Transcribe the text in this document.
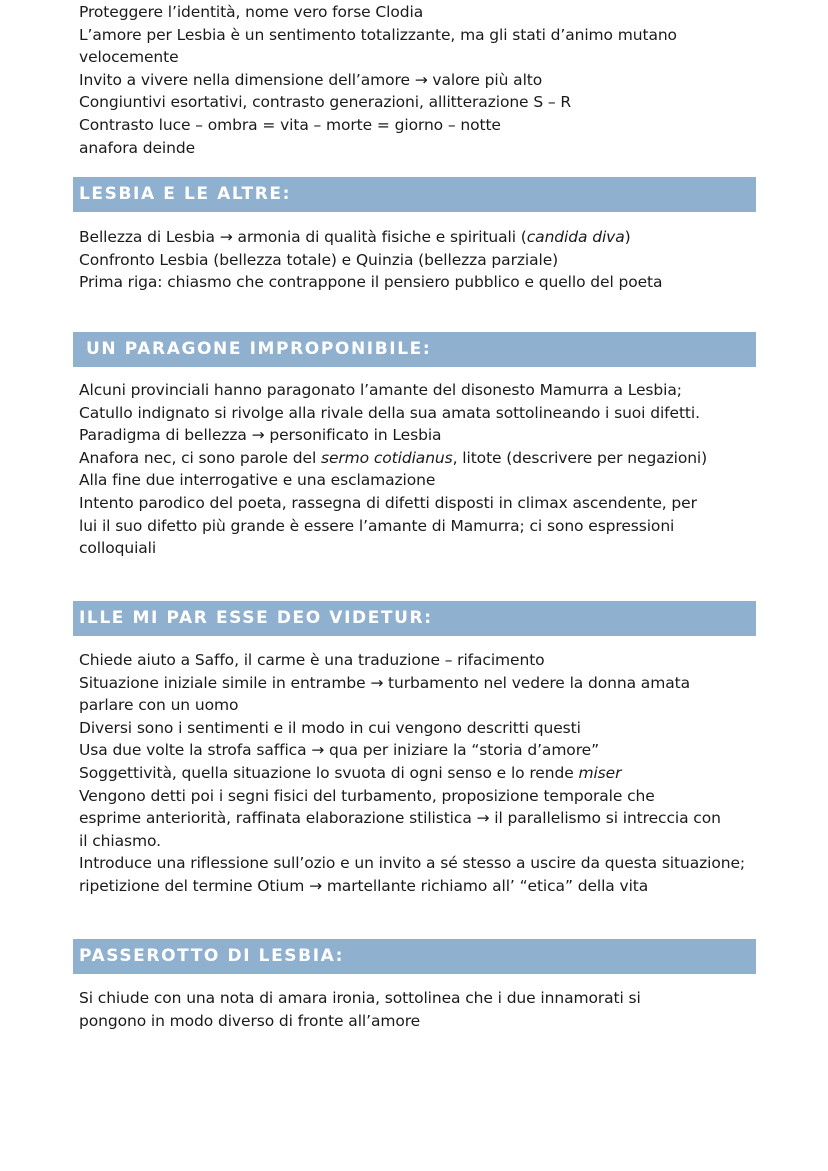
Proteggere l’identità, nome vero forse Clodia
L’amore per Lesbia è un sentimento totalizzante, ma gli stati d’animo mutano
velocemente
Invito a vivere nella dimensione dell’amore → valore più alto
Congiuntivi esortativi, contrasto generazioni, allitterazione S – R
Contrasto luce – ombra = vita – morte = giorno – notte
anafora deinde
LESBIA E LE ALTRE:
Bellezza di Lesbia → armonia di qualità fisiche e spirituali (candida diva)
Confronto Lesbia (bellezza totale) e Quinzia (bellezza parziale)
Prima riga: chiasmo che contrappone il pensiero pubblico e quello del poeta
UN PARAGONE IMPROPONIBILE:
Alcuni provinciali hanno paragonato l’amante del disonesto Mamurra a Lesbia;
Catullo indignato si rivolge alla rivale della sua amata sottolineando i suoi difetti.
Paradigma di bellezza → personificato in Lesbia
Anafora nec, ci sono parole del sermo cotidianus, litote (descrivere per negazioni)
Alla fine due interrogative e una esclamazione
Intento parodico del poeta, rassegna di difetti disposti in climax ascendente, per
lui il suo difetto più grande è essere l’amante di Mamurra; ci sono espressioni
colloquiali
ILLE MI PAR ESSE DEO VIDETUR:
Chiede aiuto a Saffo, il carme è una traduzione – rifacimento
Situazione iniziale simile in entrambe → turbamento nel vedere la donna amata
parlare con un uomo
Diversi sono i sentimenti e il modo in cui vengono descritti questi
Usa due volte la strofa saffica → qua per iniziare la “storia d’amore”
Soggettività, quella situazione lo svuota di ogni senso e lo rende miser
Vengono detti poi i segni fisici del turbamento, proposizione temporale che
esprime anteriorità, raffinata elaborazione stilistica → il parallelismo si intreccia con
il chiasmo.
Introduce una riflessione sull’ozio e un invito a sé stesso a uscire da questa situazione;
ripetizione del termine Otium → martellante richiamo all’ “etica” della vita
PASSEROTTO DI LESBIA:
Si chiude con una nota di amara ironia, sottolinea che i due innamorati si
pongono in modo diverso di fronte all’amore
